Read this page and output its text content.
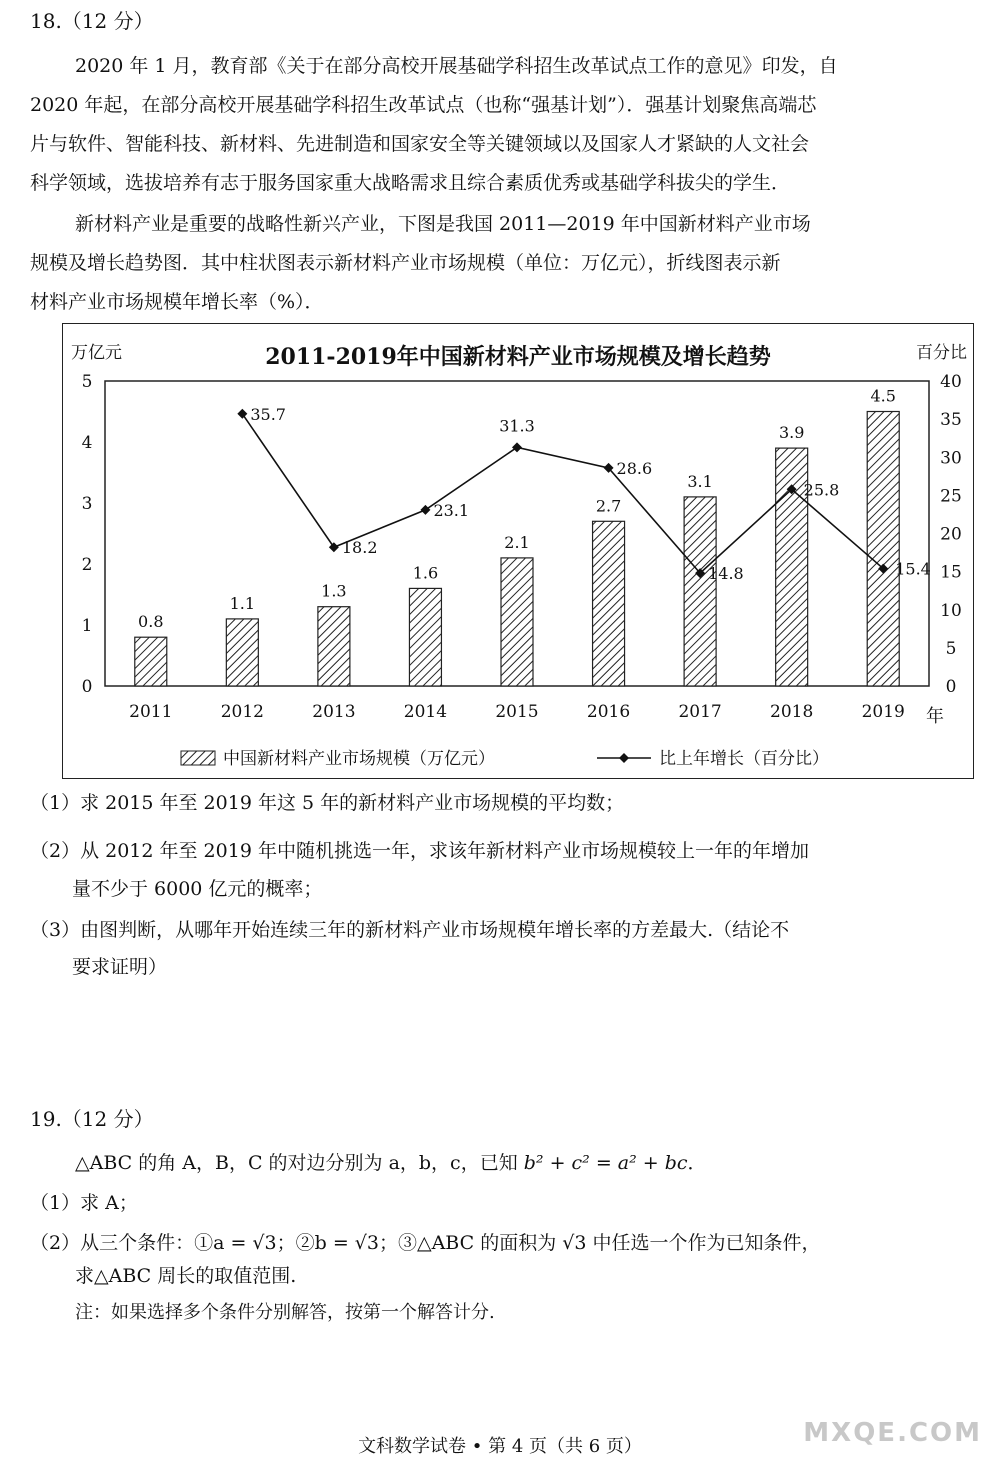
18.（12 分）
2020 年 1 月，教育部《关于在部分高校开展基础学科招生改革试点工作的意见》印发，自
2020 年起，在部分高校开展基础学科招生改革试点（也称“强基计划”）．强基计划聚焦高端芯
片与软件、智能科技、新材料、先进制造和国家安全等关键领域以及国家人才紧缺的人文社会
科学领域，选拔培养有志于服务国家重大战略需求且综合素质优秀或基础学科拔尖的学生．
新材料产业是重要的战略性新兴产业，下图是我国 2011—2019 年中国新材料产业市场
规模及增长趋势图．其中柱状图表示新材料产业市场规模（单位：万亿元），折线图表示新
材料产业市场规模年增长率（%）．
2011-2019年中国新材料产业市场规模及增长趋势
万亿元	百分比
0
1
2
3
4
5
0
5
10
15
20
25
30
35
40
0.8
1.1
1.3
1.6
2.1
2.7
3.1
3.9
4.5
2011	2012	2013	2014	2015	2016	2017	2018	2019 年
35.7
18.2
23.1
31.3
28.6
14.8
25.8
15.4
中国新材料产业市场规模（万亿元）	比上年增长（百分比）
（1）求 2015 年至 2019 年这 5 年的新材料产业市场规模的平均数；
（2）从 2012 年至 2019 年中随机挑选一年，求该年新材料产业市场规模较上一年的年增加
量不少于 6000 亿元的概率；
（3）由图判断，从哪年开始连续三年的新材料产业市场规模年增长率的方差最大.（结论不
要求证明）
19.（12 分）
△ABC 的角 A，B，C 的对边分别为 a，b，c，已知 b² + c² = a² + bc．
（1）求 A；
（2）从三个条件：①a = √3；②b = √3；③△ABC 的面积为 √3 中任选一个作为已知条件，
求△ABC 周长的取值范围.
注：如果选择多个条件分别解答，按第一个解答计分.
文科数学试卷 • 第 4 页（共 6 页）	MXQE.COM
